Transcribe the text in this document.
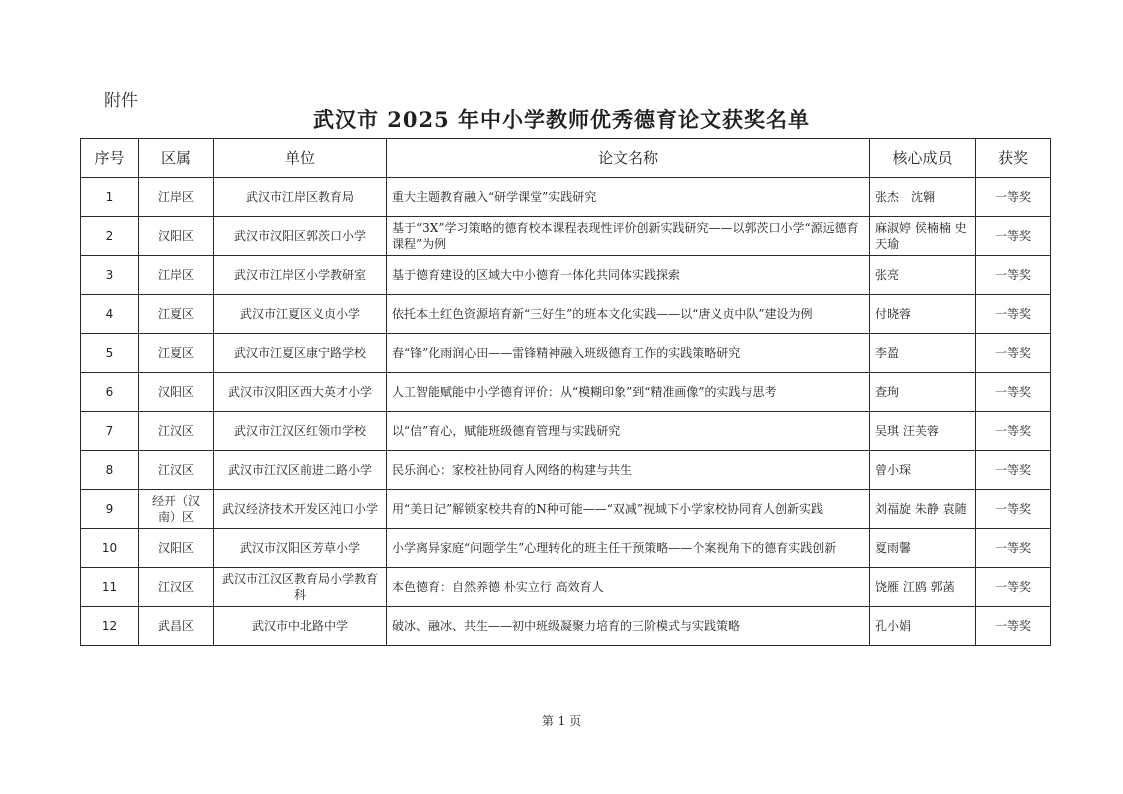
附件
武汉市 2025 年中小学教师优秀德育论文获奖名单
序号	区属	单位	论文名称	核心成员	获奖
1	江岸区	武汉市江岸区教育局	重大主题教育融入“研学课堂”实践研究	张杰　沈翱	一等奖
2	汉阳区	武汉市汉阳区郭茨口小学	基于“3X”学习策略的德育校本课程表现性评价创新实践研究——以郭茨口小学“源远德育课程”为例	麻淑婷 侯楠楠 史天瑜	一等奖
3	江岸区	武汉市江岸区小学教研室	基于德育建设的区域大中小德育一体化共同体实践探索	张亮	一等奖
4	江夏区	武汉市江夏区义贞小学	依托本土红色资源培育新“三好生”的班本文化实践——以“唐义贞中队”建设为例	付晓蓉	一等奖
5	江夏区	武汉市江夏区康宁路学校	春“锋”化雨润心田——雷锋精神融入班级德育工作的实践策略研究	李盈	一等奖
6	汉阳区	武汉市汉阳区西大英才小学	人工智能赋能中小学德育评价：从“模糊印象”到“精准画像”的实践与思考	查珣	一等奖
7	江汉区	武汉市江汉区红领巾学校	以“信”育心，赋能班级德育管理与实践研究	吴琪 汪芙蓉	一等奖
8	江汉区	武汉市江汉区前进二路小学	民乐润心：家校社协同育人网络的构建与共生	曾小琛	一等奖
9	经开（汉南）区	武汉经济技术开发区沌口小学	用“美日记”解锁家校共育的N种可能——“双减”视域下小学家校协同育人创新实践	刘福旋 朱静 袁随	一等奖
10	汉阳区	武汉市汉阳区芳草小学	小学离异家庭“问题学生”心理转化的班主任干预策略——个案视角下的德育实践创新	夏雨馨	一等奖
11	江汉区	武汉市江汉区教育局小学教育科	本色德育：自然养德 朴实立行 高效育人	饶雁 江鸥 郭菡	一等奖
12	武昌区	武汉市中北路中学	破冰、融冰、共生——初中班级凝聚力培育的三阶模式与实践策略	孔小娟	一等奖
第 1 页
